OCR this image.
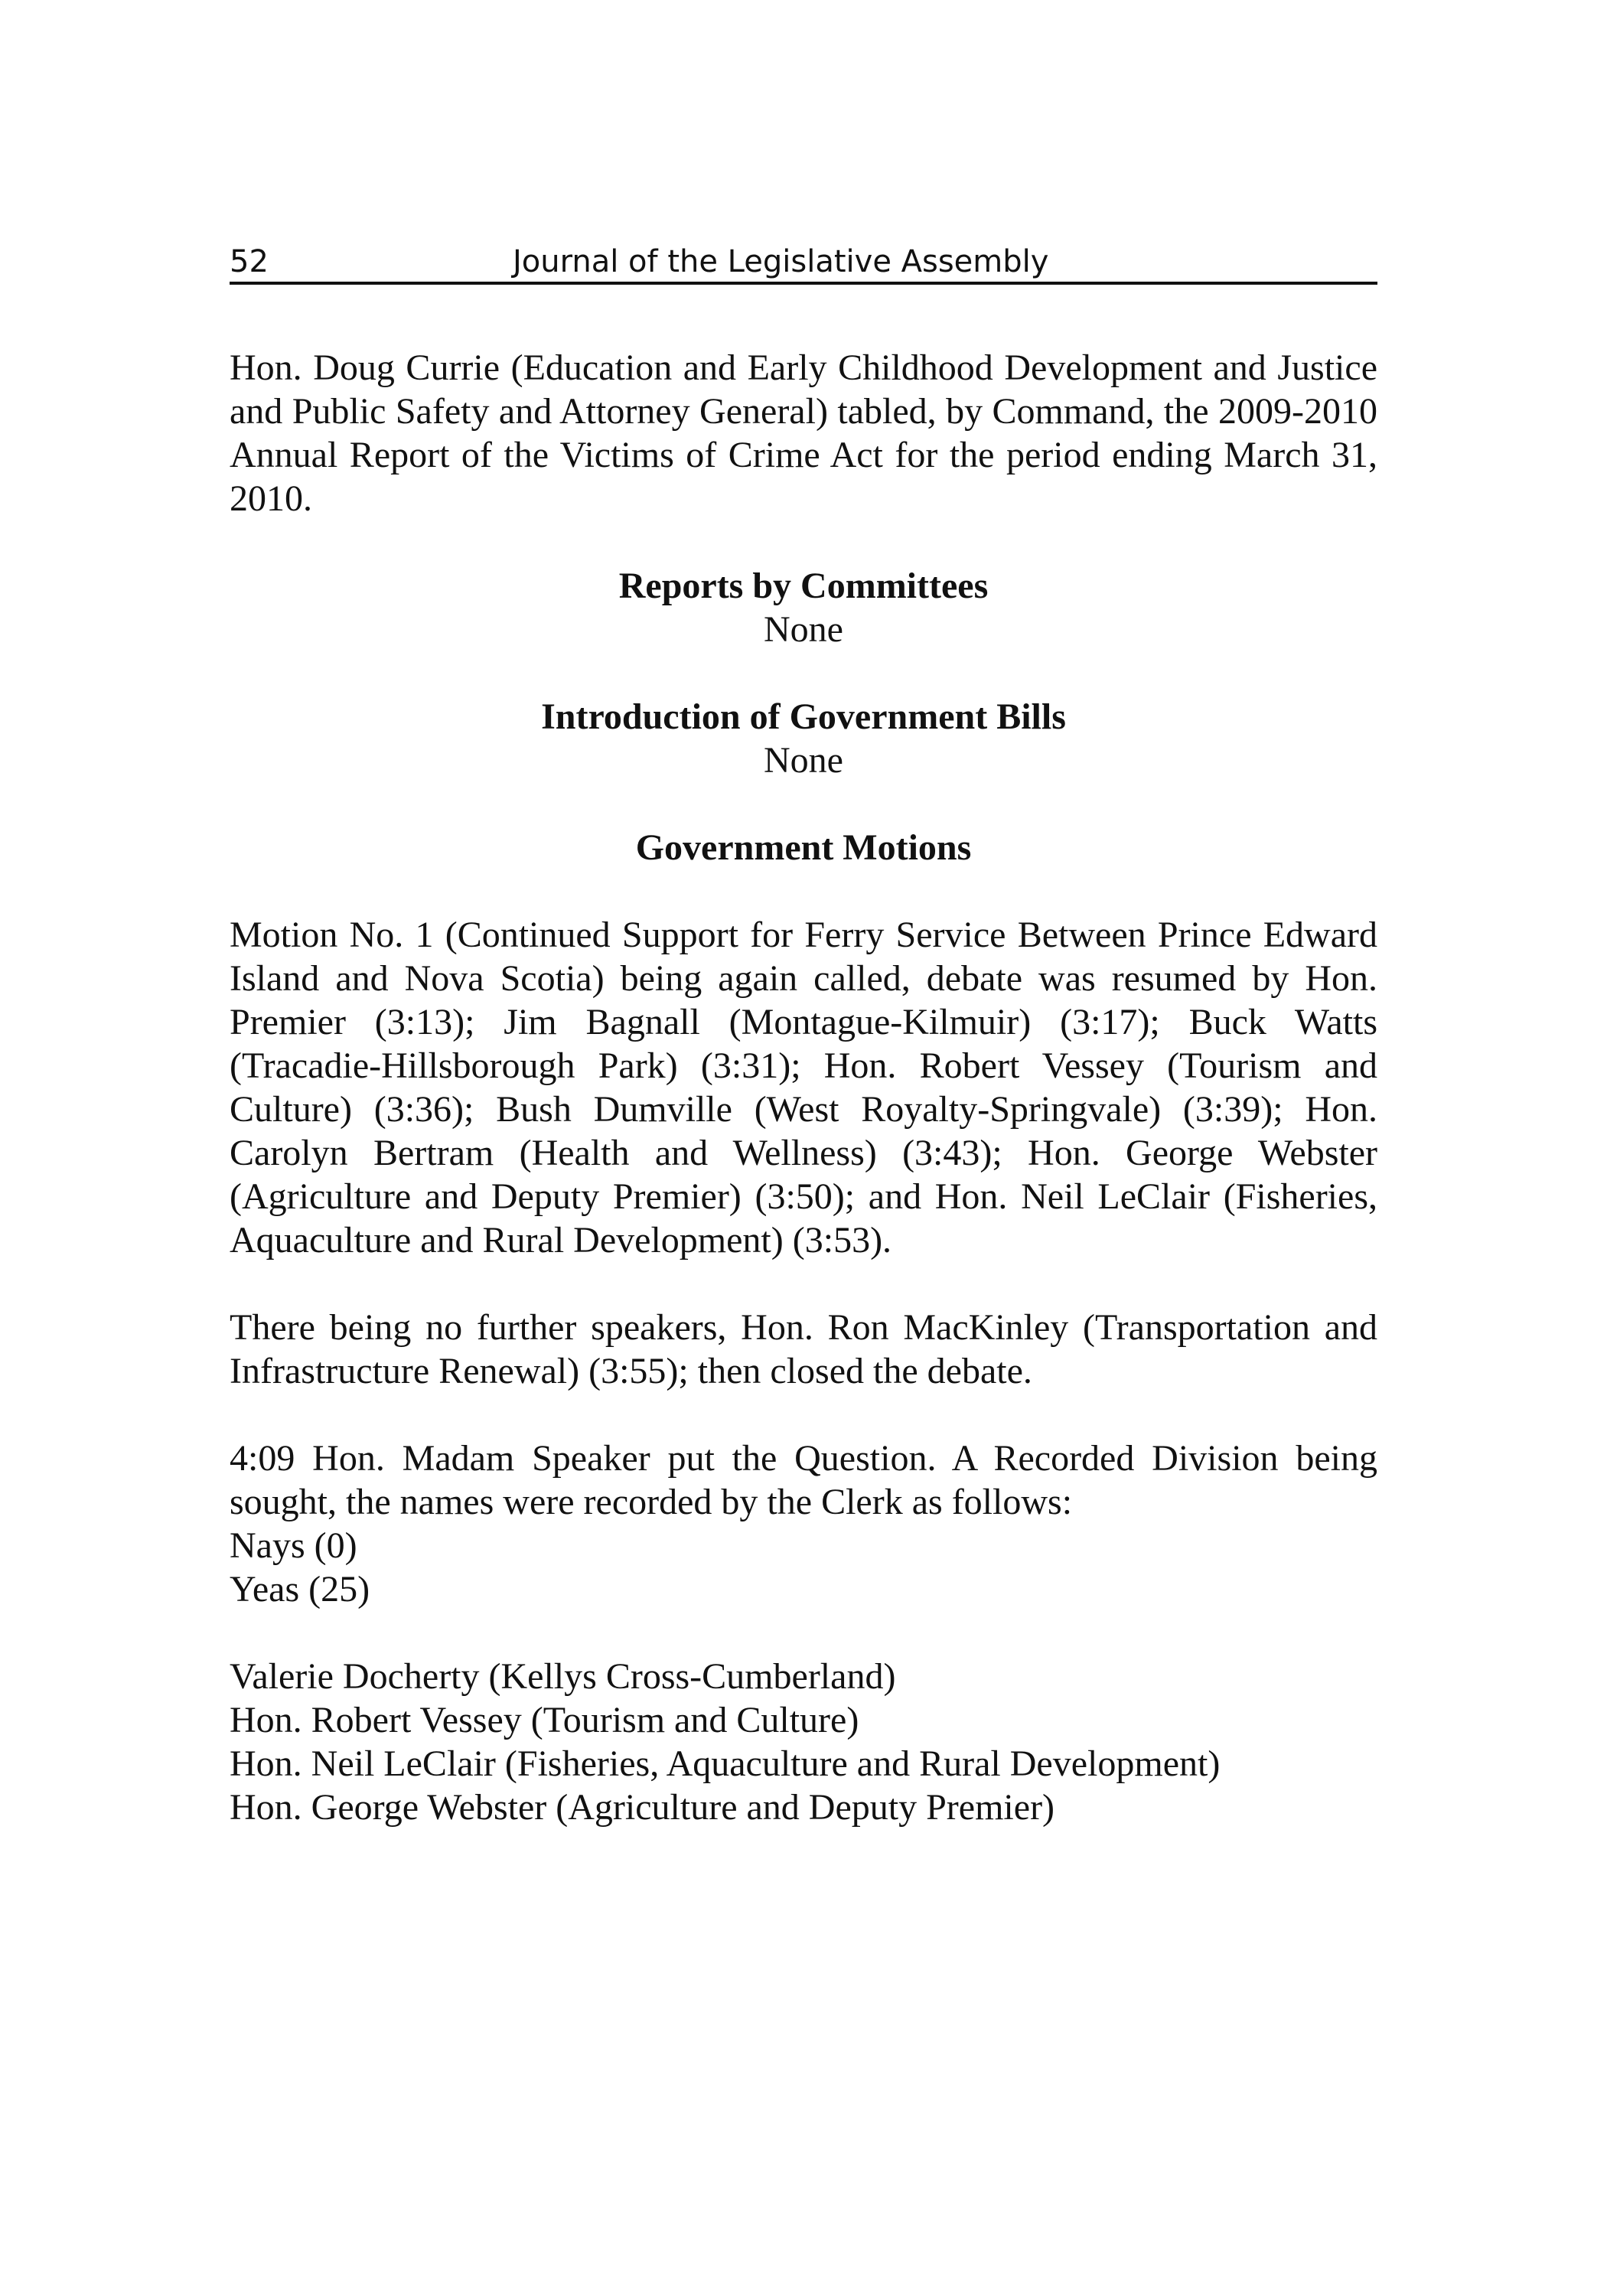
52	Journal of the Legislative Assembly

Hon. Doug Currie (Education and Early Childhood Development and Justice and Public Safety and Attorney General) tabled, by Command, the 2009-2010 Annual Report of the Victims of Crime Act for the period ending March 31, 2010.

Reports by Committees
None
Introduction of Government Bills
None
Government Motions

Motion No. 1 (Continued Support for Ferry Service Between Prince Edward Island and Nova Scotia) being again called, debate was resumed by Hon. Premier (3:13); Jim Bagnall (Montague-Kilmuir) (3:17); Buck Watts (Tracadie-Hillsborough Park) (3:31); Hon. Robert Vessey (Tourism and Culture) (3:36); Bush Dumville (West Royalty-Springvale) (3:39); Hon. Carolyn Bertram (Health and Wellness) (3:43); Hon. George Webster (Agriculture and Deputy Premier) (3:50); and Hon. Neil LeClair (Fisheries, Aquaculture and Rural Development) (3:53).

There being no further speakers, Hon. Ron MacKinley (Transportation and Infrastructure Renewal) (3:55); then closed the debate.

4:09 Hon. Madam Speaker put the Question. A Recorded Division being sought, the names were recorded by the Clerk as follows:

Nays (0)

Yeas (25)

Valerie Docherty (Kellys Cross-Cumberland)

Hon. Robert Vessey (Tourism and Culture)

Hon. Neil LeClair (Fisheries, Aquaculture and Rural Development)

Hon. George Webster (Agriculture and Deputy Premier)
